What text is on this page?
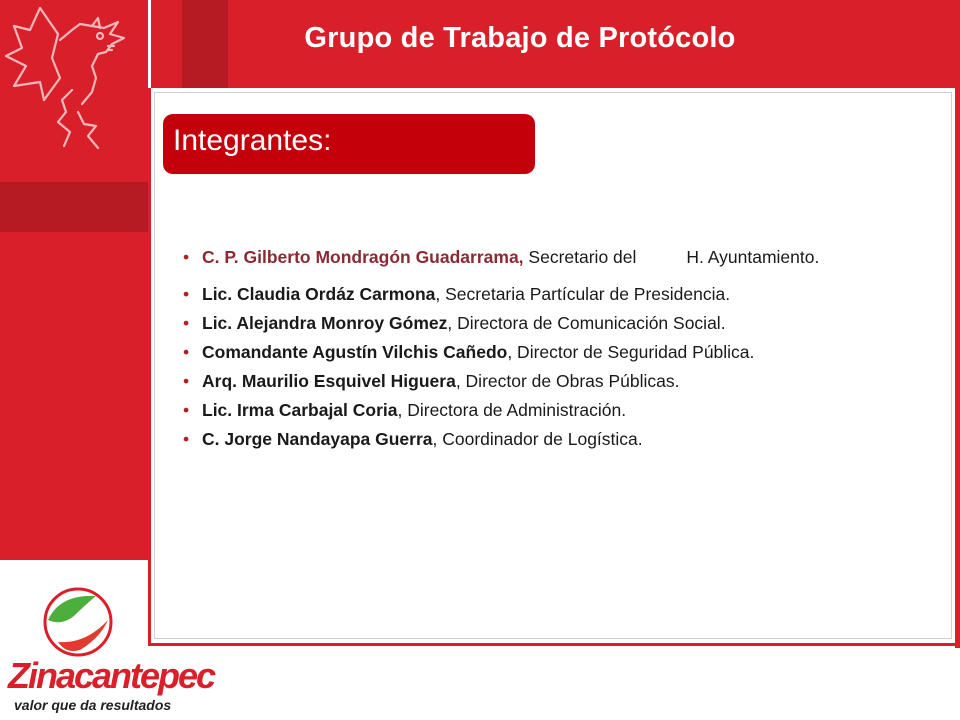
Grupo de Trabajo de Protócolo
Integrantes:
• C. P. Gilberto Mondragón Guadarrama, Secretario del	H. Ayuntamiento.
• Lic. Claudia Ordáz Carmona, Secretaria Partícular de Presidencia.
• Lic. Alejandra Monroy Gómez, Directora de Comunicación Social.
• Comandante Agustín Vilchis Cañedo, Director de Seguridad Pública.
• Arq. Maurilio Esquivel Higuera, Director de Obras Públicas.
• Lic. Irma Carbajal Coria, Directora de Administración.
• C. Jorge Nandayapa Guerra, Coordinador de Logística.
Zinacantepec
valor que da resultados
